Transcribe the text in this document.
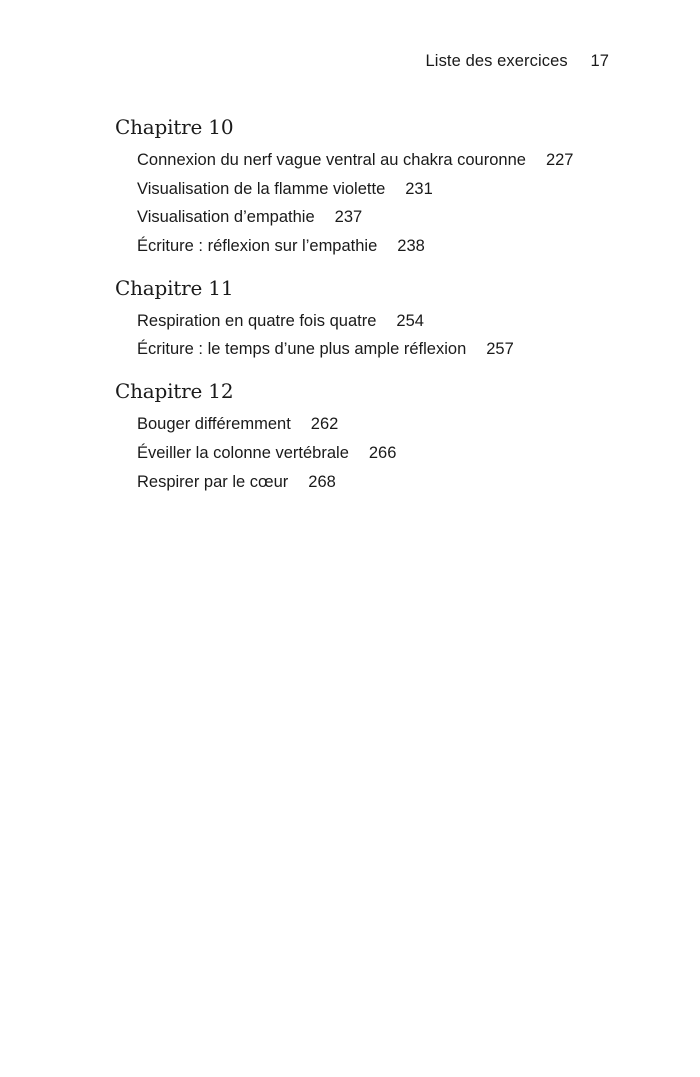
Liste des exercices 17
Chapitre 10
Connexion du nerf vague ventral au chakra couronne 227
Visualisation de la flamme violette 231
Visualisation d’empathie 237
Écriture : réflexion sur l’empathie 238
Chapitre 11
Respiration en quatre fois quatre 254
Écriture : le temps d’une plus ample réflexion 257
Chapitre 12
Bouger différemment 262
Éveiller la colonne vertébrale 266
Respirer par le cœur 268
